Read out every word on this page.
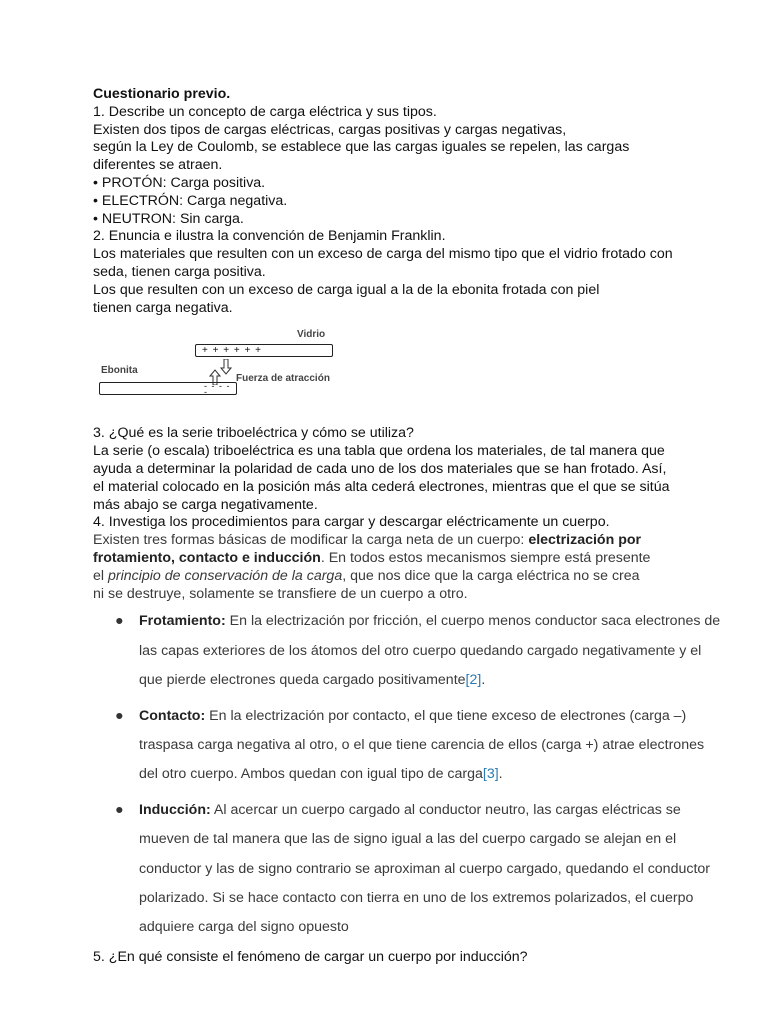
Cuestionario previo.
1. Describe un concepto de carga eléctrica y sus tipos.
Existen dos tipos de cargas eléctricas, cargas positivas y cargas negativas,
según la Ley de Coulomb, se establece que las cargas iguales se repelen, las cargas
diferentes se atraen.
• PROTÓN: Carga positiva.
• ELECTRÓN: Carga negativa.
• NEUTRON: Sin carga.
2. Enuncia e ilustra la convención de Benjamin Franklin.
Los materiales que resulten con un exceso de carga del mismo tipo que el vidrio frotado con
seda, tienen carga positiva.
Los que resulten con un exceso de carga igual a la de la ebonita frotada con piel
tienen carga negativa.
Vidrio
+ + + + + +
Ebonita
Fuerza de atracción
- - - - -
3. ¿Qué es la serie triboeléctrica y cómo se utiliza?
La serie (o escala) triboeléctrica es una tabla que ordena los materiales, de tal manera que
ayuda a determinar la polaridad de cada uno de los dos materiales que se han frotado. Así,
el material colocado en la posición más alta cederá electrones, mientras que el que se sitúa
más abajo se carga negativamente.
4. Investiga los procedimientos para cargar y descargar eléctricamente un cuerpo.
Existen tres formas básicas de modificar la carga neta de un cuerpo: electrización por frotamiento, contacto e inducción. En todos estos mecanismos siempre está presente el principio de conservación de la carga, que nos dice que la carga eléctrica no se crea ni se destruye, solamente se transfiere de un cuerpo a otro.
● Frotamiento: En la electrización por fricción, el cuerpo menos conductor saca electrones de las capas exteriores de los átomos del otro cuerpo quedando cargado negativamente y el que pierde electrones queda cargado positivamente[2].
● Contacto: En la electrización por contacto, el que tiene exceso de electrones (carga –) traspasa carga negativa al otro, o el que tiene carencia de ellos (carga +) atrae electrones del otro cuerpo. Ambos quedan con igual tipo de carga[3].
● Inducción: Al acercar un cuerpo cargado al conductor neutro, las cargas eléctricas se mueven de tal manera que las de signo igual a las del cuerpo cargado se alejan en el conductor y las de signo contrario se aproximan al cuerpo cargado, quedando el conductor polarizado. Si se hace contacto con tierra en uno de los extremos polarizados, el cuerpo adquiere carga del signo opuesto
5. ¿En qué consiste el fenómeno de cargar un cuerpo por inducción?
